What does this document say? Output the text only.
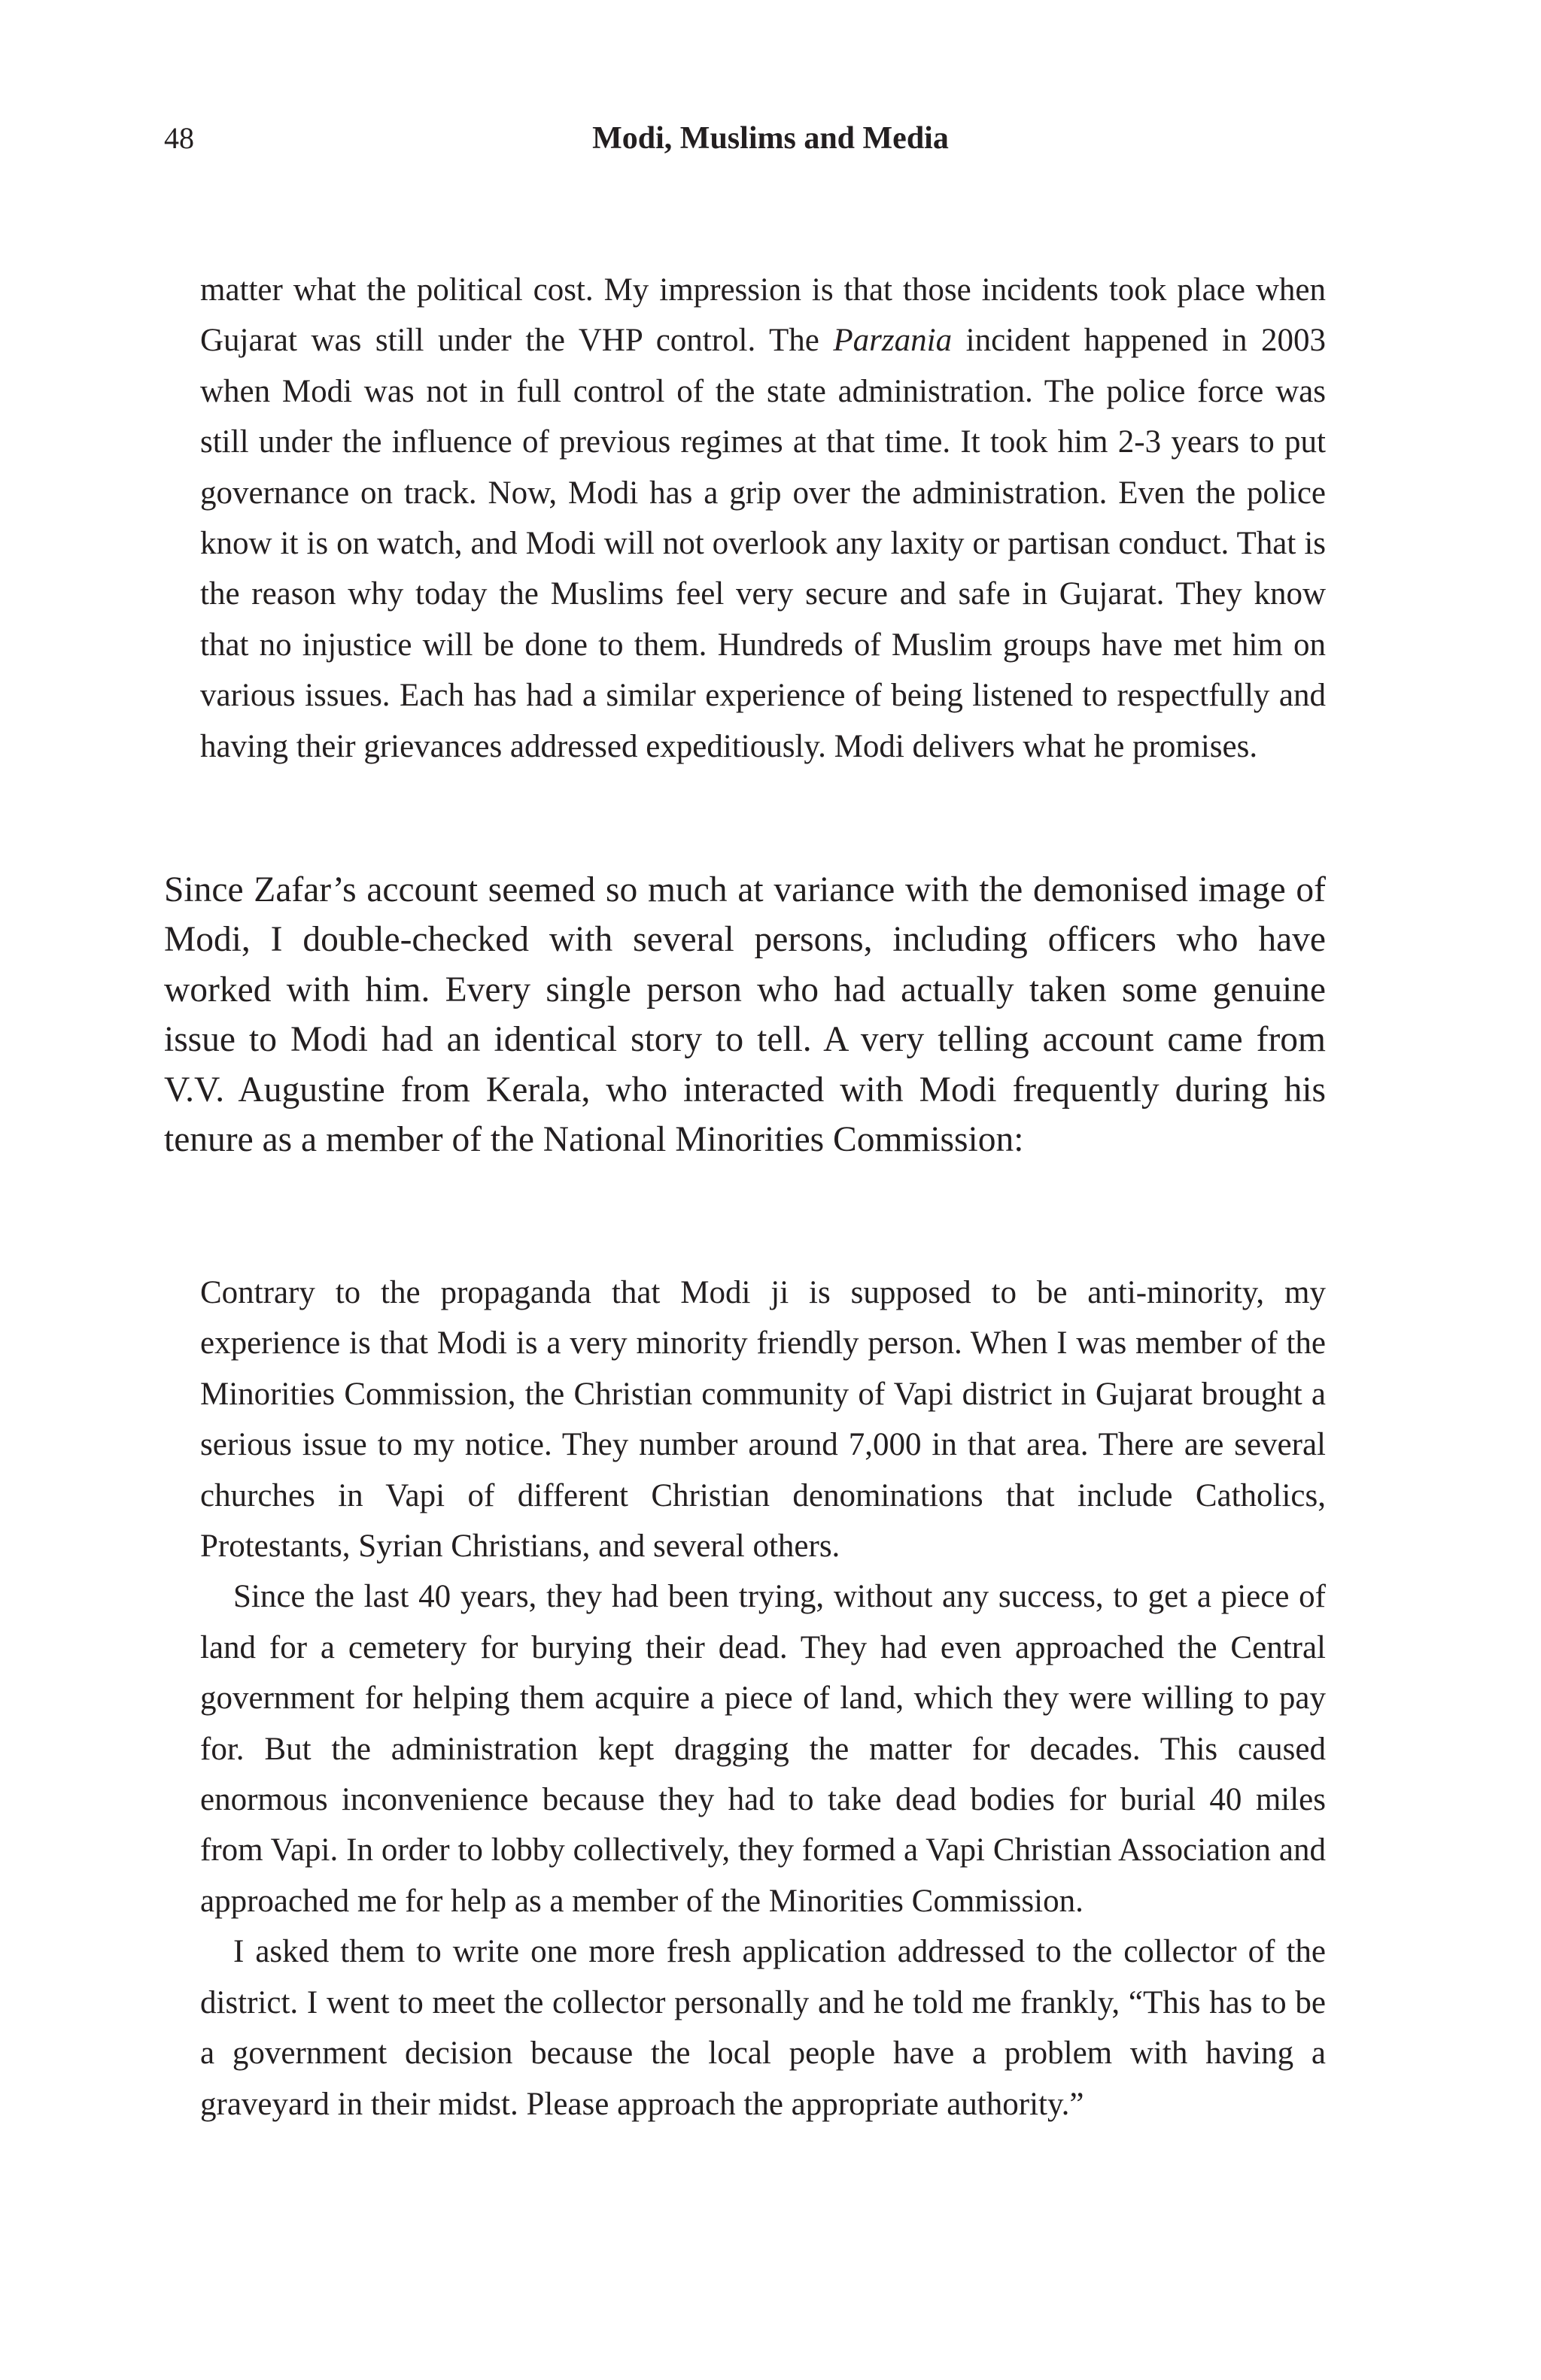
48	Modi, Muslims and Media

matter what the political cost. My impression is that those incidents took place when Gujarat was still under the VHP control. The Parzania incident happened in 2003 when Modi was not in full control of the state administration. The police force was still under the influence of previous regimes at that time. It took him 2-3 years to put governance on track. Now, Modi has a grip over the administration. Even the police know it is on watch, and Modi will not overlook any laxity or partisan conduct. That is the reason why today the Muslims feel very secure and safe in Gujarat. They know that no injustice will be done to them. Hundreds of Muslim groups have met him on various issues. Each has had a similar experience of being listened to respectfully and having their grievances addressed expeditiously. Modi delivers what he promises.

Since Zafar’s account seemed so much at variance with the demonised image of Modi, I double-checked with several persons, including officers who have worked with him. Every single person who had actually taken some genuine issue to Modi had an identical story to tell. A very telling account came from V.V. Augustine from Kerala, who interacted with Modi frequently during his tenure as a member of the National Minorities Commission:

Contrary to the propaganda that Modi ji is supposed to be anti-minority, my experience is that Modi is a very minority friendly person. When I was member of the Minorities Commission, the Christian community of Vapi district in Gujarat brought a serious issue to my notice. They number around 7,000 in that area. There are several churches in Vapi of different Christian denominations that include Catholics, Protestants, Syrian Christians, and several others.

Since the last 40 years, they had been trying, without any success, to get a piece of land for a cemetery for burying their dead. They had even approached the Central government for helping them acquire a piece of land, which they were willing to pay for. But the administration kept dragging the matter for decades. This caused enormous inconvenience because they had to take dead bodies for burial 40 miles from Vapi. In order to lobby collectively, they formed a Vapi Christian Association and approached me for help as a member of the Minorities Commission.

I asked them to write one more fresh application addressed to the collector of the district. I went to meet the collector personally and he told me frankly, “This has to be a government decision because the local people have a problem with having a graveyard in their midst. Please approach the appropriate authority.”
